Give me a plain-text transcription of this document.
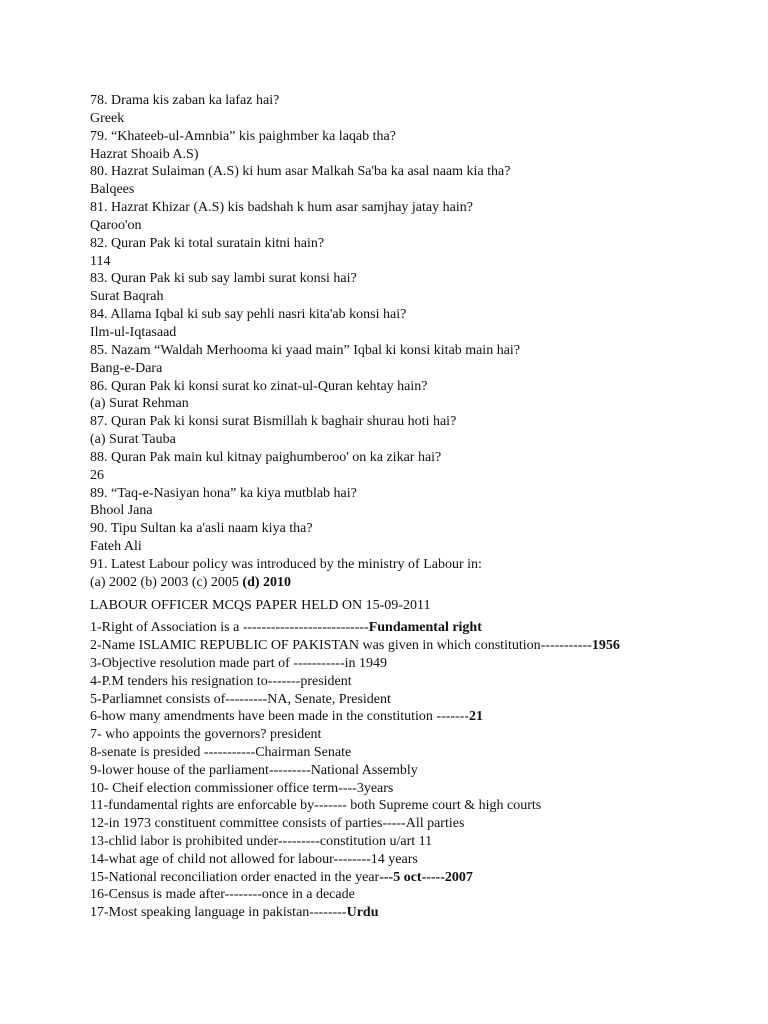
78. Drama kis zaban ka lafaz hai?
Greek
79. “Khateeb-ul-Amnbia” kis paighmber ka laqab tha?
Hazrat Shoaib A.S)
80. Hazrat Sulaiman (A.S) ki hum asar Malkah Sa'ba ka asal naam kia tha?
Balqees
81. Hazrat Khizar (A.S) kis badshah k hum asar samjhay jatay hain?
Qaroo'on
82. Quran Pak ki total suratain kitni hain?
114
83. Quran Pak ki sub say lambi surat konsi hai?
Surat Baqrah
84. Allama Iqbal ki sub say pehli nasri kita'ab konsi hai?
Ilm-ul-Iqtasaad
85. Nazam “Waldah Merhooma ki yaad main” Iqbal ki konsi kitab main hai?
Bang-e-Dara
86. Quran Pak ki konsi surat ko zinat-ul-Quran kehtay hain?
(a) Surat Rehman
87. Quran Pak ki konsi surat Bismillah k baghair shurau hoti hai?
(a) Surat Tauba
88. Quran Pak main kul kitnay paighumberoo' on ka zikar hai?
26
89. “Taq-e-Nasiyan hona” ka kiya mutblab hai?
Bhool Jana
90. Tipu Sultan ka a'asli naam kiya tha?
Fateh Ali
91. Latest Labour policy was introduced by the ministry of Labour in:
(a) 2002 (b) 2003 (c) 2005 (d) 2010
LABOUR OFFICER MCQS PAPER HELD ON 15-09-2011
1-Right of Association is a ---------------------------Fundamental right
2-Name ISLAMIC REPUBLIC OF PAKISTAN was given in which constitution-----------1956
3-Objective resolution made part of -----------in 1949
4-P.M tenders his resignation to-------president
5-Parliamnet consists of---------NA, Senate, President
6-how many amendments have been made in the constitution -------21
7- who appoints the governors? president
8-senate is presided -----------Chairman Senate
9-lower house of the parliament---------National Assembly
10- Cheif election commissioner office term----3years
11-fundamental rights are enforcable by------- both Supreme court & high courts
12-in 1973 constituent committee consists of parties-----All parties
13-chlid labor is prohibited under---------constitution u/art 11
14-what age of child not allowed for labour--------14 years
15-National reconciliation order enacted in the year---5 oct-----2007
16-Census is made after--------once in a decade
17-Most speaking language in pakistan--------Urdu
